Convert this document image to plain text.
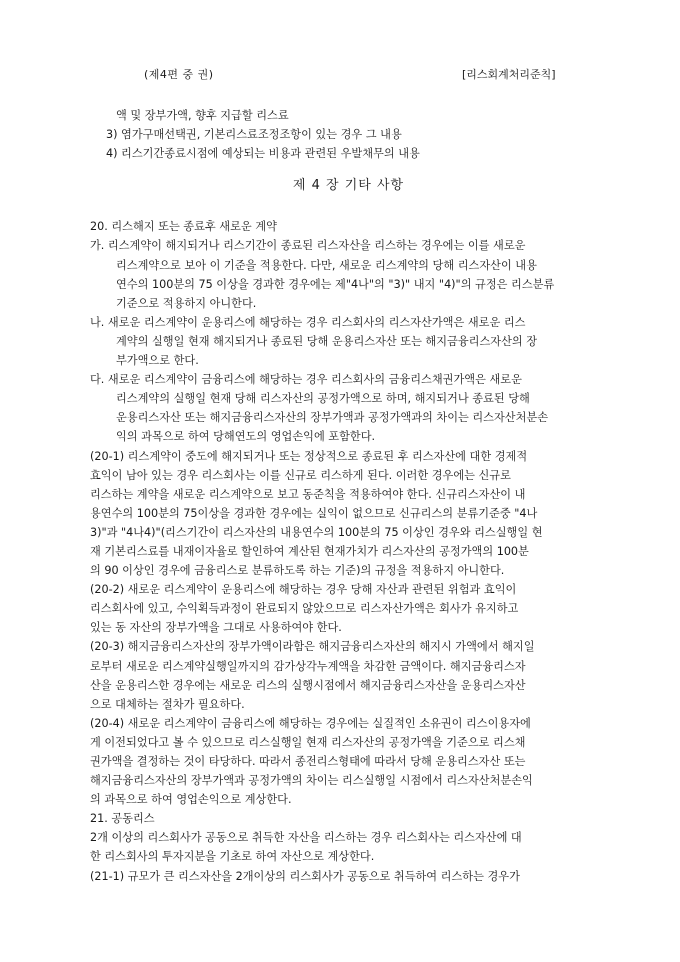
(제4편 중 권)	[리스회계처리준칙]
액 및 장부가액, 향후 지급할 리스료
3) 염가구매선택권, 기본리스료조정조항이 있는 경우 그 내용
4) 리스기간종료시점에 예상되는 비용과 관련된 우발채무의 내용
제 4 장 기타 사항
20. 리스해지 또는 종료후 새로운 계약
가. 리스계약이 해지되거나 리스기간이 종료된 리스자산을 리스하는 경우에는 이를 새로운
리스계약으로 보아 이 기준을 적용한다. 다만, 새로운 리스계약의 당해 리스자산이 내용
연수의 100분의 75 이상을 경과한 경우에는 제"4나"의 "3)" 내지 "4)"의 규정은 리스분류
기준으로 적용하지 아니한다.
나. 새로운 리스계약이 운용리스에 해당하는 경우 리스회사의 리스자산가액은 새로운 리스
계약의 실행일 현재 해지되거나 종료된 당해 운용리스자산 또는 해지금융리스자산의 장
부가액으로 한다.
다. 새로운 리스계약이 금융리스에 해당하는 경우 리스회사의 금융리스채권가액은 새로운
리스계약의 실행일 현재 당해 리스자산의 공정가액으로 하며, 해지되거나 종료된 당해
운용리스자산 또는 해지금융리스자산의 장부가액과 공정가액과의 차이는 리스자산처분손
익의 과목으로 하여 당해연도의 영업손익에 포함한다.
(20-1) 리스계약이 중도에 해지되거나 또는 정상적으로 종료된 후 리스자산에 대한 경제적
효익이 남아 있는 경우 리스회사는 이를 신규로 리스하게 된다. 이러한 경우에는 신규로
리스하는 계약을 새로운 리스계약으로 보고 동준칙을 적용하여야 한다. 신규리스자산이 내
용연수의 100분의 75이상을 경과한 경우에는 실익이 없으므로 신규리스의 분류기준중 "4나
3)"과 "4나4)"(리스기간이 리스자산의 내용연수의 100분의 75 이상인 경우와 리스실행일 현
재 기본리스료를 내재이자율로 할인하여 계산된 현재가치가 리스자산의 공정가액의 100분
의 90 이상인 경우에 금융리스로 분류하도록 하는 기준)의 규정을 적용하지 아니한다.
(20-2) 새로운 리스계약이 운용리스에 해당하는 경우 당해 자산과 관련된 위험과 효익이
리스회사에 있고, 수익획득과정이 완료되지 않았으므로 리스자산가액은 회사가 유지하고
있는 동 자산의 장부가액을 그대로 사용하여야 한다.
(20-3) 해지금융리스자산의 장부가액이라함은 해지금융리스자산의 해지시 가액에서 해지일
로부터 새로운 리스계약실행일까지의 감가상각누계액을 차감한 금액이다. 해지금융리스자
산을 운용리스한 경우에는 새로운 리스의 실행시점에서 해지금융리스자산을 운용리스자산
으로 대체하는 절차가 필요하다.
(20-4) 새로운 리스계약이 금융리스에 해당하는 경우에는 실질적인 소유권이 리스이용자에
게 이전되었다고 볼 수 있으므로 리스실행일 현재 리스자산의 공정가액을 기준으로 리스채
권가액을 결정하는 것이 타당하다. 따라서 종전리스형태에 따라서 당해 운용리스자산 또는
해지금융리스자산의 장부가액과 공정가액의 차이는 리스실행일 시점에서 리스자산처분손익
의 과목으로 하여 영업손익으로 계상한다.
21. 공동리스
2개 이상의 리스회사가 공동으로 취득한 자산을 리스하는 경우 리스회사는 리스자산에 대
한 리스회사의 투자지분을 기초로 하여 자산으로 계상한다.
(21-1) 규모가 큰 리스자산을 2개이상의 리스회사가 공동으로 취득하여 리스하는 경우가
